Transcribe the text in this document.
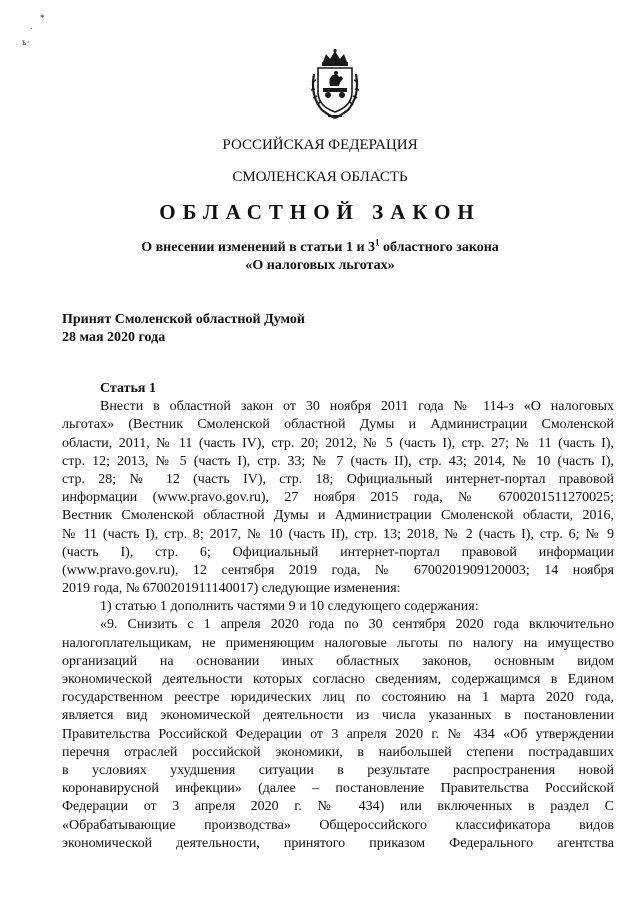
*
.
ъ·
РОССИЙСКАЯ ФЕДЕРАЦИЯ
СМОЛЕНСКАЯ ОБЛАСТЬ
ОБЛАСТНОЙ ЗАКОН
О внесении изменений в статьи 1 и $3^1$ областного закона
«О налоговых льготах»
Принят Смоленской областной Думой
28 мая 2020 года
Статья 1
Внести в областной закон от 30 ноября 2011 года № 114-з «О налоговых
льготах» (Вестник Смоленской областной Думы и Администрации Смоленской
области, 2011, № 11 (часть IV), стр. 20; 2012, № 5 (часть I), стр. 27; № 11 (часть I),
стр. 12; 2013, № 5 (часть I), стр. 33; № 7 (часть II), стр. 43; 2014, № 10 (часть I),
стр. 28; № 12 (часть IV), стр. 18; Официальный интернет-портал правовой
информации (www.pravo.gov.ru), 27 ноября 2015 года, № 6700201511270025;
Вестник Смоленской областной Думы и Администрации Смоленской области, 2016,
№ 11 (часть I), стр. 8; 2017, № 10 (часть II), стр. 13; 2018, № 2 (часть I), стр. 6; № 9
(часть I), стр. 6; Официальный интернет-портал правовой информации
(www.pravo.gov.ru), 12 сентября 2019 года, № 6700201909120003; 14 ноября
2019 года, № 6700201911140017) следующие изменения:
1) статью 1 дополнить частями 9 и 10 следующего содержания:
«9. Снизить с 1 апреля 2020 года по 30 сентября 2020 года включительно
налогоплательщикам, не применяющим налоговые льготы по налогу на имущество
организаций на основании иных областных законов, основным видом
экономической деятельности которых согласно сведениям, содержащимся в Едином
государственном реестре юридических лиц по состоянию на 1 марта 2020 года,
является вид экономической деятельности из числа указанных в постановлении
Правительства Российской Федерации от 3 апреля 2020 г. № 434 «Об утверждении
перечня отраслей российской экономики, в наибольшей степени пострадавших
в условиях ухудшения ситуации в результате распространения новой
коронавирусной инфекции» (далее – постановление Правительства Российской
Федерации от 3 апреля 2020 г. № 434) или включенных в раздел С
«Обрабатывающие производства» Общероссийского классификатора видов
экономической деятельности, принятого приказом Федерального агентства
